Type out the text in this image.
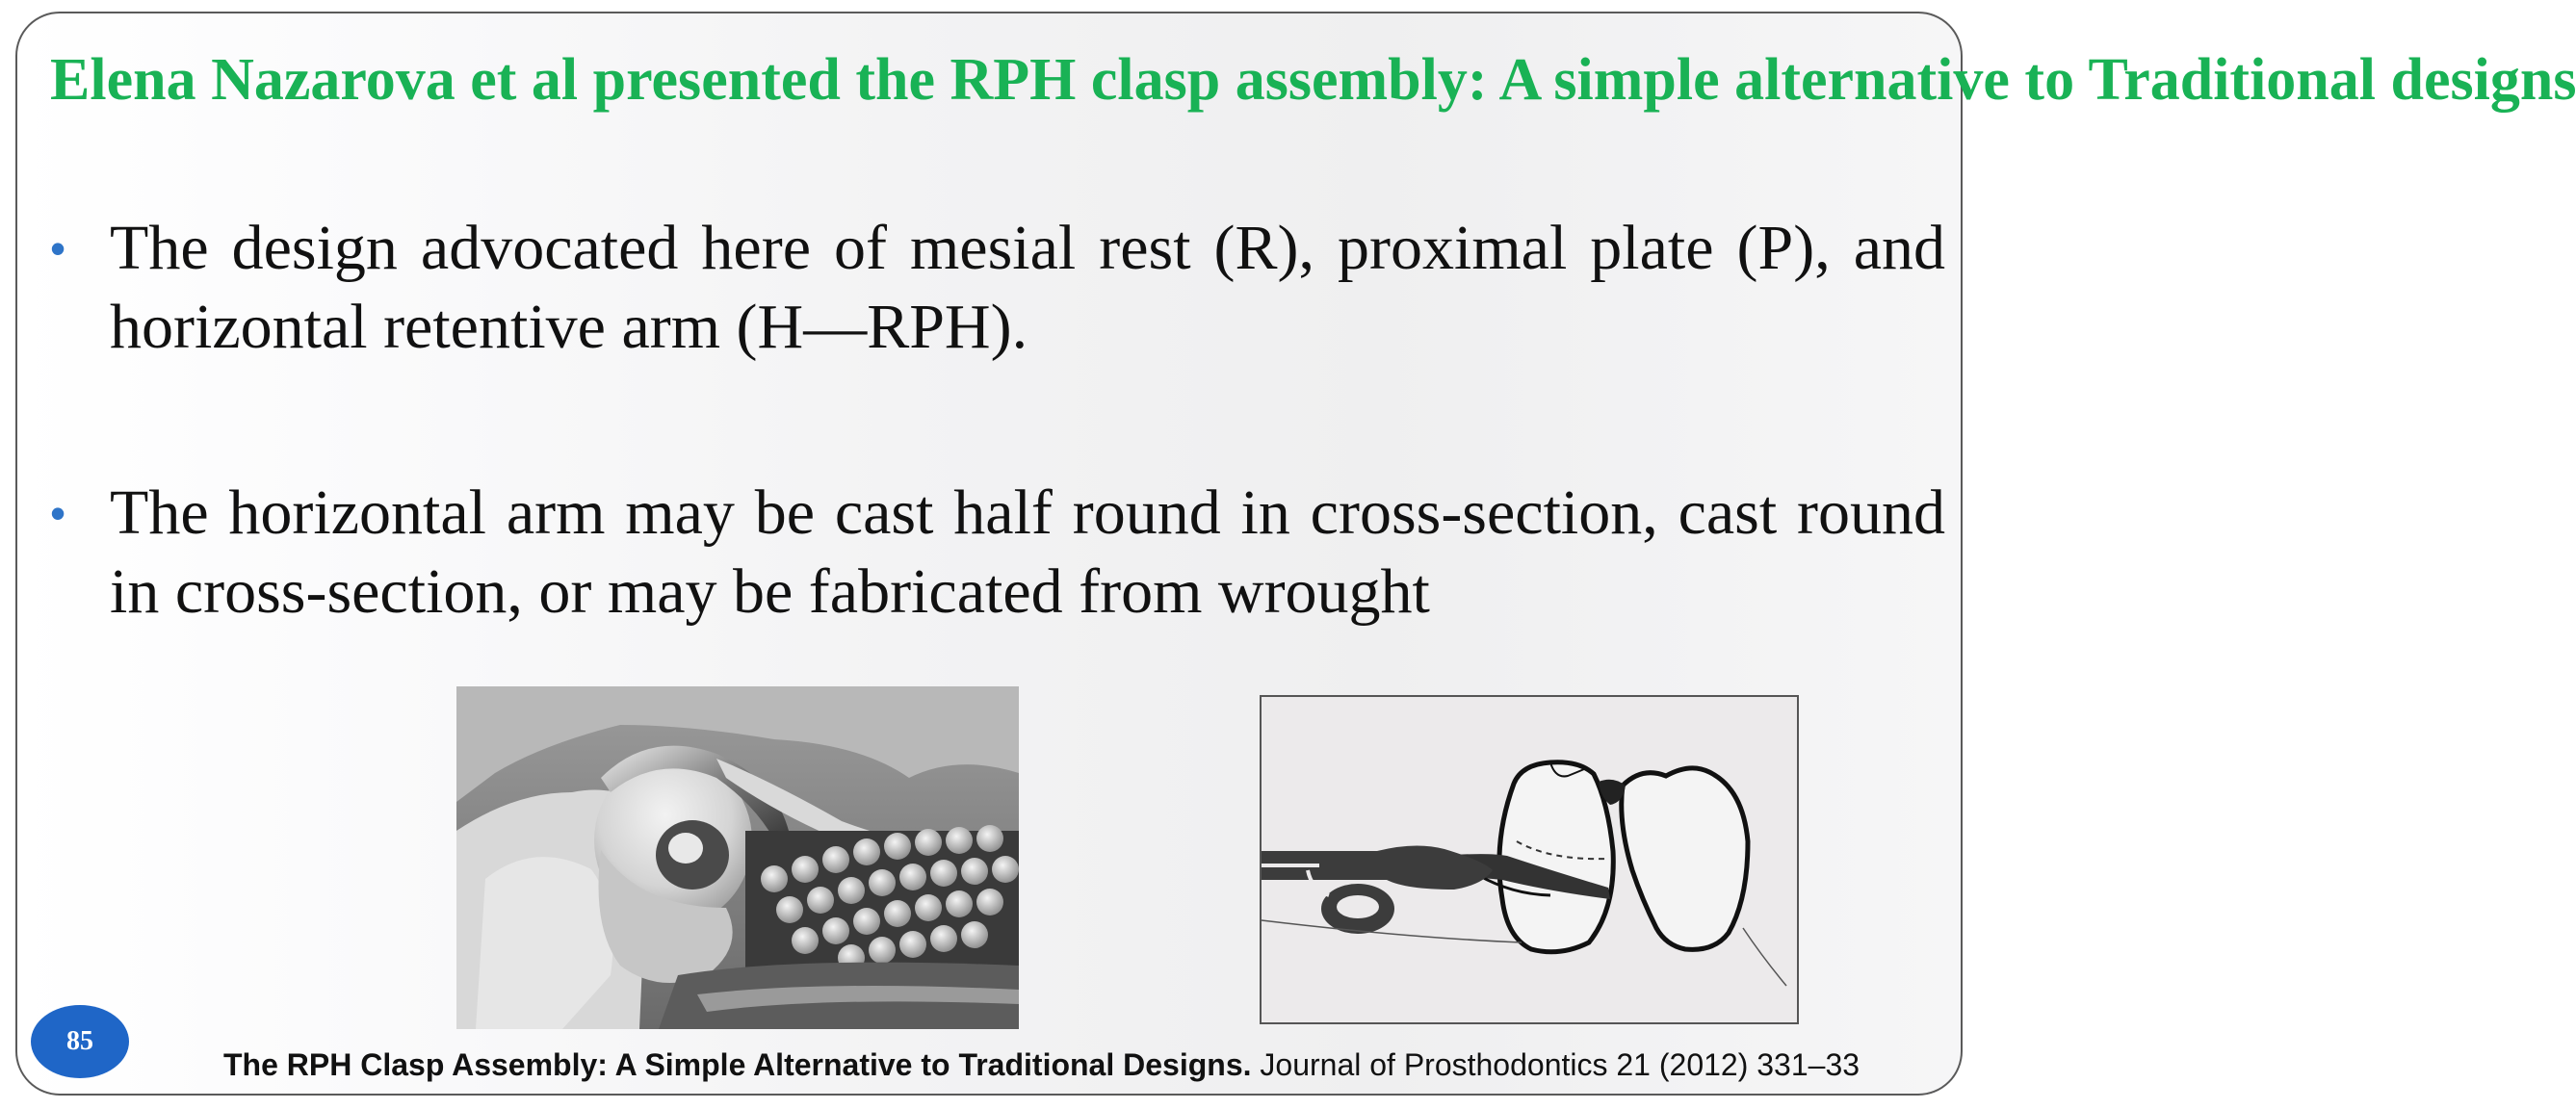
Elena Nazarova et al presented the RPH clasp assembly: A simple alternative to Traditional designs
• The design advocated here of mesial rest (R), proximal plate (P), and horizontal retentive arm (H—RPH).
• The horizontal arm may be cast half round in cross-section, cast round in cross-section, or may be fabricated from wrought
85
The RPH Clasp Assembly: A Simple Alternative to Traditional Designs. Journal of Prosthodontics 21 (2012) 331–33
